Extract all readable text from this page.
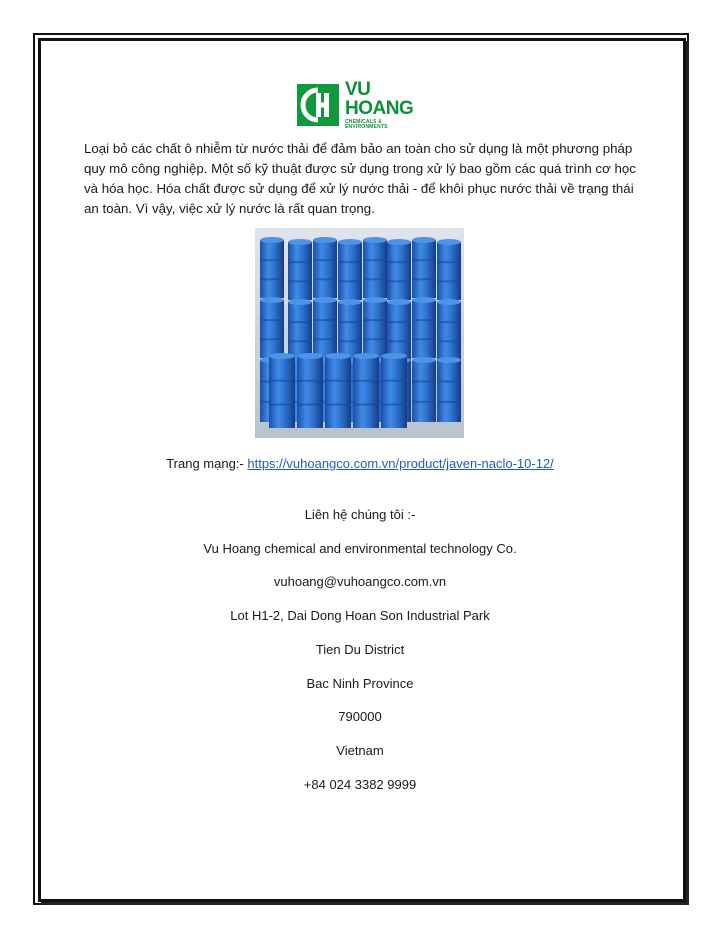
VU HOANG
CHEMICALS & ENVIRONMENTS

Loại bỏ các chất ô nhiễm từ nước thải để đảm bảo an toàn cho sử dụng là một phương pháp quy mô công nghiệp. Một số kỹ thuật được sử dụng trong xử lý bao gồm các quá trình cơ học và hóa học. Hóa chất được sử dụng để xử lý nước thải - để khôi phục nước thải về trạng thái an toàn. Vì vậy, việc xử lý nước là rất quan trọng.

Trang mạng:- https://vuhoangco.com.vn/product/javen-naclo-10-12/
Liên hệ chúng tôi :-
Vu Hoang chemical and environmental technology Co.
vuhoang@vuhoangco.com.vn
Lot H1-2, Dai Dong Hoan Son Industrial Park
Tien Du District
Bac Ninh Province
790000
Vietnam
+84 024 3382 9999
